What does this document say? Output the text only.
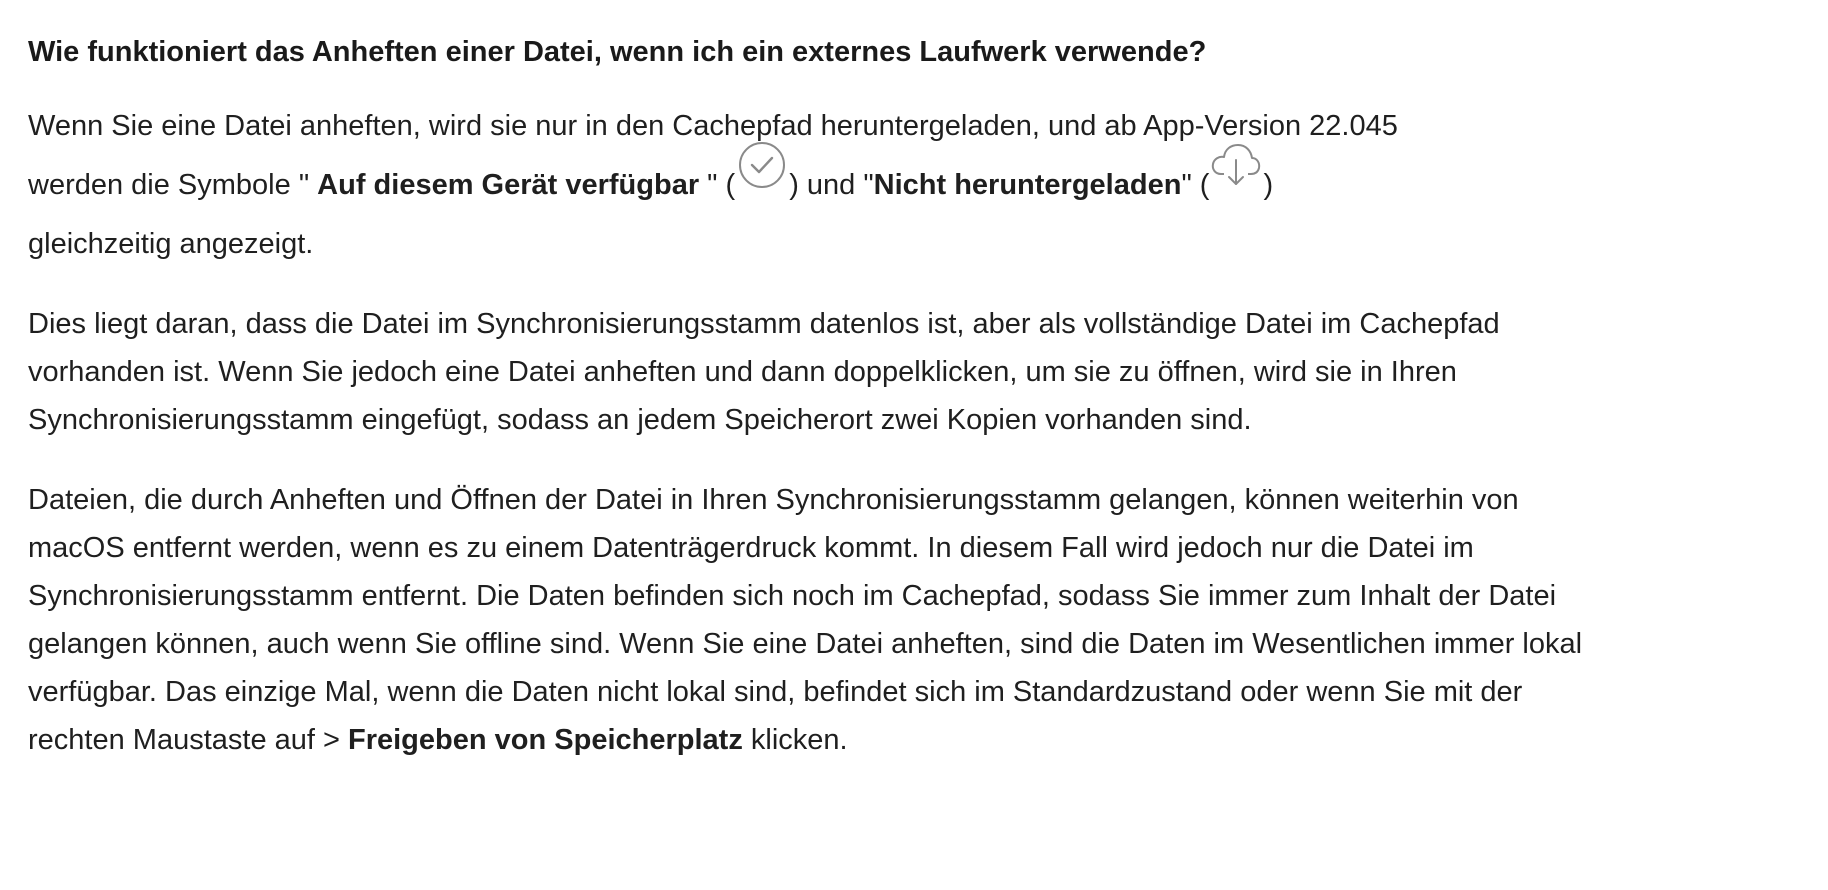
Wie funktioniert das Anheften einer Datei, wenn ich ein externes Laufwerk verwende?

Wenn Sie eine Datei anheften, wird sie nur in den Cachepfad heruntergeladen, und ab App-Version 22.045
werden die Symbole " Auf diesem Gerät verfügbar " ( ) und "Nicht heruntergeladen" ( )
gleichzeitig angezeigt.

Dies liegt daran, dass die Datei im Synchronisierungsstamm datenlos ist, aber als vollständige Datei im Cachepfad vorhanden ist. Wenn Sie jedoch eine Datei anheften und dann doppelklicken, um sie zu öffnen, wird sie in Ihren Synchronisierungsstamm eingefügt, sodass an jedem Speicherort zwei Kopien vorhanden sind.

Dateien, die durch Anheften und Öffnen der Datei in Ihren Synchronisierungsstamm gelangen, können weiterhin von macOS entfernt werden, wenn es zu einem Datenträgerdruck kommt. In diesem Fall wird jedoch nur die Datei im Synchronisierungsstamm entfernt. Die Daten befinden sich noch im Cachepfad, sodass Sie immer zum Inhalt der Datei gelangen können, auch wenn Sie offline sind. Wenn Sie eine Datei anheften, sind die Daten im Wesentlichen immer lokal verfügbar. Das einzige Mal, wenn die Daten nicht lokal sind, befindet sich im Standardzustand oder wenn Sie mit der rechten Maustaste auf > Freigeben von Speicherplatz klicken.
